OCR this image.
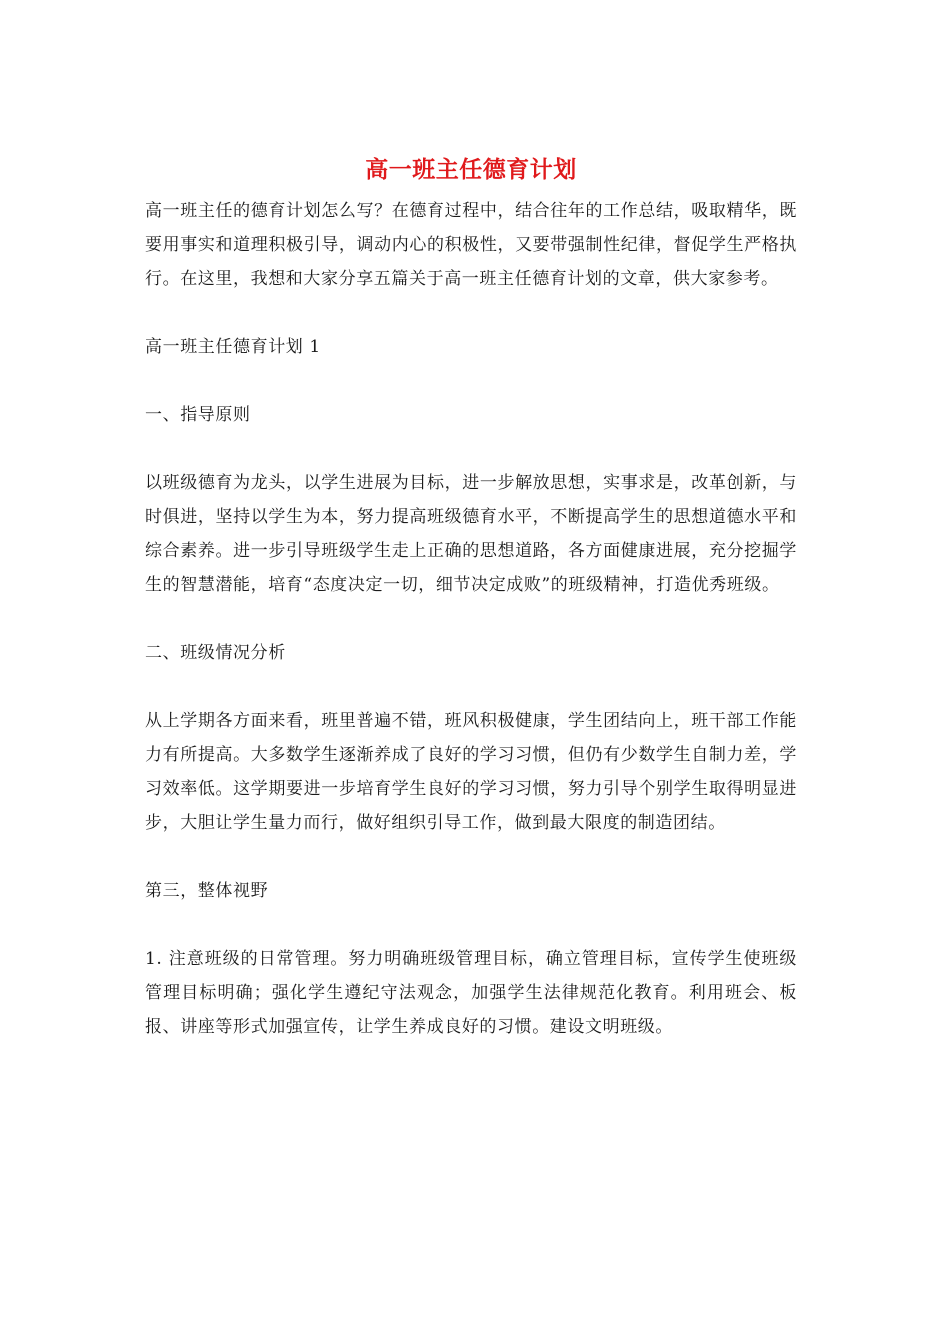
高一班主任德育计划

高一班主任的德育计划怎么写？在德育过程中，结合往年的工作总结，吸取精华，既要用事实和道理积极引导，调动内心的积极性，又要带强制性纪律，督促学生严格执行。在这里，我想和大家分享五篇关于高一班主任德育计划的文章，供大家参考。

高一班主任德育计划 1

一、指导原则

以班级德育为龙头，以学生进展为目标，进一步解放思想，实事求是，改革创新，与时俱进，坚持以学生为本，努力提高班级德育水平，不断提高学生的思想道德水平和综合素养。进一步引导班级学生走上正确的思想道路，各方面健康进展，充分挖掘学生的智慧潜能，培育“态度决定一切，细节决定成败”的班级精神，打造优秀班级。

二、班级情况分析

从上学期各方面来看，班里普遍不错，班风积极健康，学生团结向上，班干部工作能力有所提高。大多数学生逐渐养成了良好的学习习惯，但仍有少数学生自制力差，学习效率低。这学期要进一步培育学生良好的学习习惯，努力引导个别学生取得明显进步，大胆让学生量力而行，做好组织引导工作，做到最大限度的制造团结。

第三，整体视野

1. 注意班级的日常管理。努力明确班级管理目标，确立管理目标，宣传学生使班级管理目标明确；强化学生遵纪守法观念，加强学生法律规范化教育。利用班会、板报、讲座等形式加强宣传，让学生养成良好的习惯。建设文明班级。
